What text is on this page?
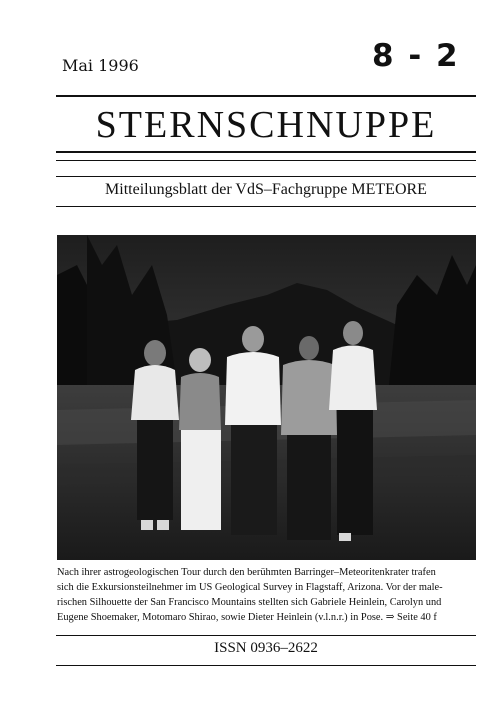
Mai 1996	8 - 2
STERNSCHNUPPE
Mitteilungsblatt der VdS–Fachgruppe METEORE
Nach ihrer astrogeologischen Tour durch den berühmten Barringer–Meteoritenkrater trafen
sich die Exkursionsteilnehmer im US Geological Survey in Flagstaff, Arizona. Vor der male-
rischen Silhouette der San Francisco Mountains stellten sich Gabriele Heinlein, Carolyn und
Eugene Shoemaker, Motomaro Shirao, sowie Dieter Heinlein (v.l.n.r.) in Pose. ⇒ Seite 40 f
ISSN 0936–2622
